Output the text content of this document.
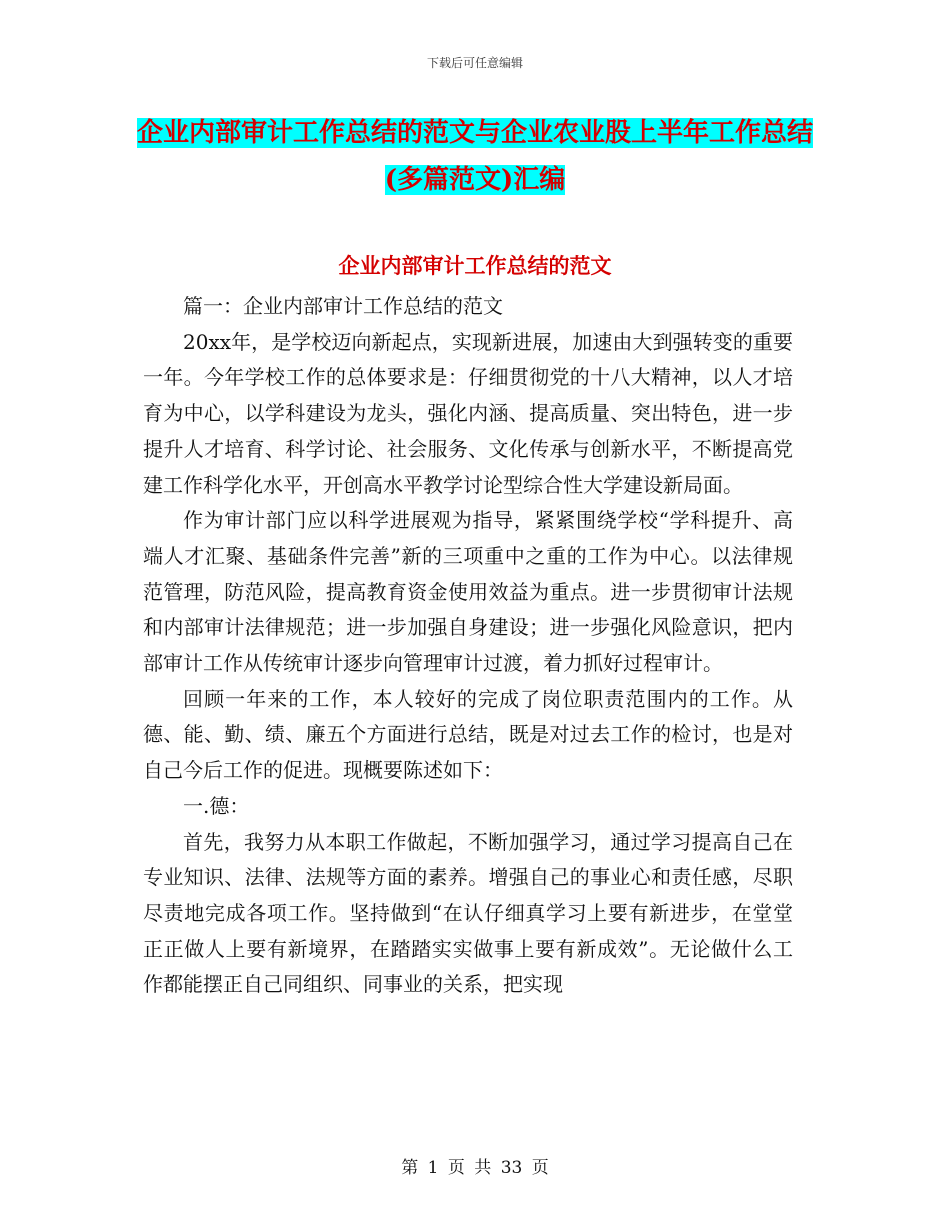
下载后可任意编辑
企业内部审计工作总结的范文与企业农业股上半年工作总结(多篇范文)汇编
企业内部审计工作总结的范文

篇一：企业内部审计工作总结的范文

20xx年，是学校迈向新起点，实现新进展，加速由大到强转变的重要一年。今年学校工作的总体要求是：仔细贯彻党的十八大精神，以人才培育为中心，以学科建设为龙头，强化内涵、提高质量、突出特色，进一步提升人才培育、科学讨论、社会服务、文化传承与创新水平，不断提高党建工作科学化水平，开创高水平教学讨论型综合性大学建设新局面。

作为审计部门应以科学进展观为指导，紧紧围绕学校“学科提升、高端人才汇聚、基础条件完善”新的三项重中之重的工作为中心。以法律规范管理，防范风险，提高教育资金使用效益为重点。进一步贯彻审计法规和内部审计法律规范；进一步加强自身建设；进一步强化风险意识，把内部审计工作从传统审计逐步向管理审计过渡，着力抓好过程审计。

回顾一年来的工作，本人较好的完成了岗位职责范围内的工作。从德、能、勤、绩、廉五个方面进行总结，既是对过去工作的检讨，也是对自己今后工作的促进。现概要陈述如下：

一.德：

首先，我努力从本职工作做起，不断加强学习，通过学习提高自己在专业知识、法律、法规等方面的素养。增强自己的事业心和责任感，尽职尽责地完成各项工作。坚持做到“在认仔细真学习上要有新进步，在堂堂正正做人上要有新境界，在踏踏实实做事上要有新成效”。无论做什么工作都能摆正自己同组织、同事业的关系，把实现

第 1 页 共 33 页
